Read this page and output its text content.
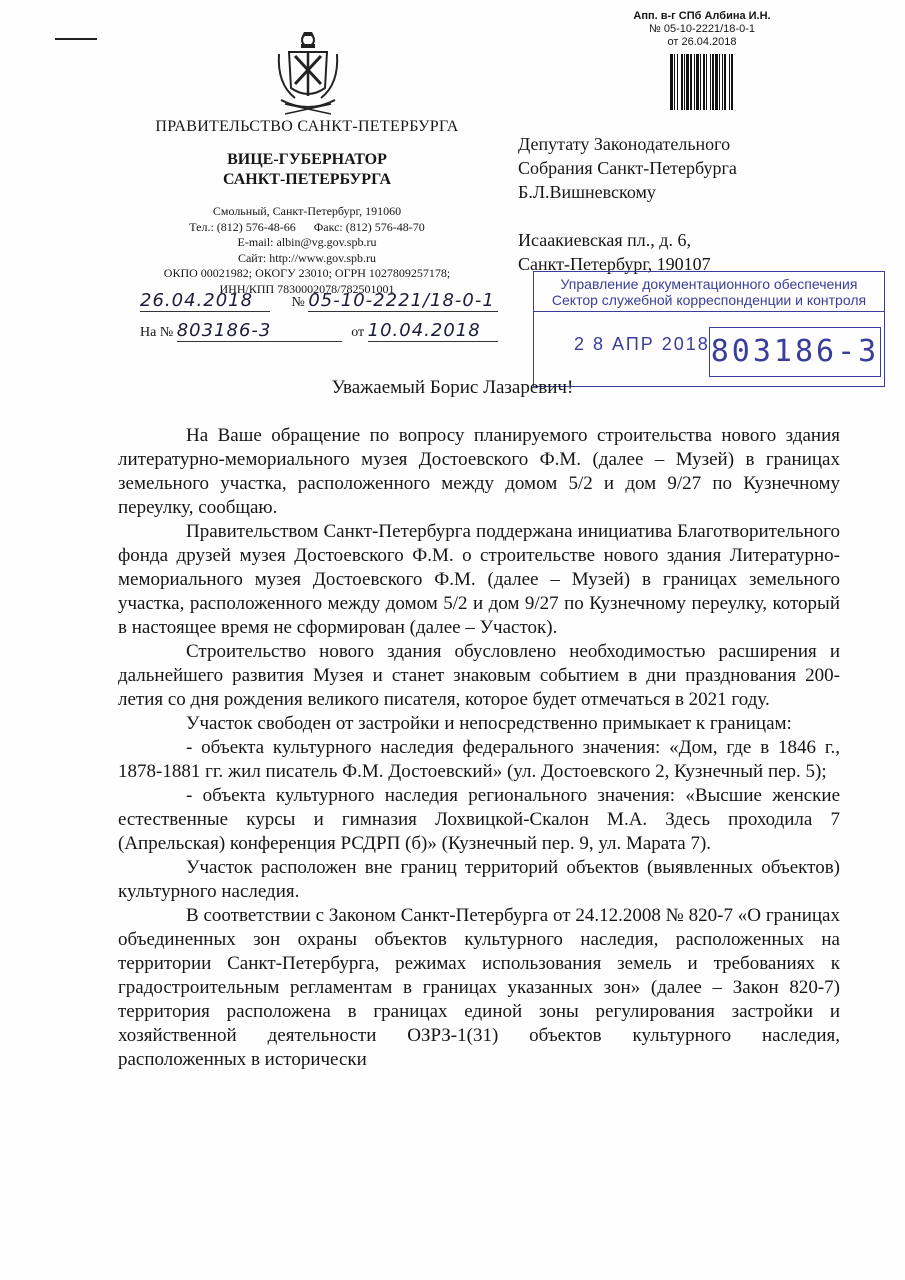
ПРАВИТЕЛЬСТВО САНКТ-ПЕТЕРБУРГА
ВИЦЕ-ГУБЕРНАТОР
САНКТ-ПЕТЕРБУРГА
Смольный, Санкт-Петербург, 191060
Тел.: (812) 576-48-66      Факс: (812) 576-48-70
E-mail: albin@vg.gov.spb.ru
Сайт: http://www.gov.spb.ru
ОКПО 00021982; ОКОГУ 23010; ОГРН 1027809257178;
ИНН/КПП 7830002078/782501001
26.04.2018	№ 05-10-2221/18-0-1
На № 803186-3	от 10.04.2018
Депутату Законодательного
Собрания Санкт-Петербурга
Б.Л.Вишневскому
Исаакиевская пл., д. 6,
Санкт-Петербург, 190107
Апп. в-г СПб Албина И.Н.
№ 05-10-2221/18-0-1
от 26.04.2018
Управление документационного обеспечения
Сектор служебной корреспонденции и контроля
2 8 АПР 2018 803186-3
Уважаемый Борис Лазаревич!

На Ваше обращение по вопросу планируемого строительства нового здания литературно-мемориального музея Достоевского Ф.М. (далее – Музей) в границах земельного участка, расположенного между домом 5/2 и дом 9/27 по Кузнечному переулку, сообщаю.

Правительством Санкт-Петербурга поддержана инициатива Благотворительного фонда друзей музея Достоевского Ф.М. о строительстве нового здания Литературно-мемориального музея Достоевского Ф.М. (далее – Музей) в границах земельного участка, расположенного между домом 5/2 и дом 9/27 по Кузнечному переулку, который в настоящее время не сформирован (далее – Участок).

Строительство нового здания обусловлено необходимостью расширения и дальнейшего развития Музея и станет знаковым событием в дни празднования 200-летия со дня рождения великого писателя, которое будет отмечаться в 2021 году.

Участок свободен от застройки и непосредственно примыкает к границам:

- объекта культурного наследия федерального значения: «Дом, где в 1846 г., 1878-1881 гг. жил писатель Ф.М. Достоевский» (ул. Достоевского 2, Кузнечный пер. 5);

- объекта культурного наследия регионального значения: «Высшие женские естественные курсы и гимназия Лохвицкой-Скалон М.А. Здесь проходила 7 (Апрельская) конференция РСДРП (б)» (Кузнечный пер. 9, ул. Марата 7).

Участок расположен вне границ территорий объектов (выявленных объектов) культурного наследия.

В соответствии с Законом Санкт-Петербурга от 24.12.2008 № 820-7 «О границах объединенных зон охраны объектов культурного наследия, расположенных на территории Санкт-Петербурга, режимах использования земель и требованиях к градостроительным регламентам в границах указанных зон» (далее – Закон 820-7) территория расположена в границах единой зоны регулирования застройки и хозяйственной деятельности ОЗРЗ-1(31) объектов культурного наследия, расположенных в исторически
